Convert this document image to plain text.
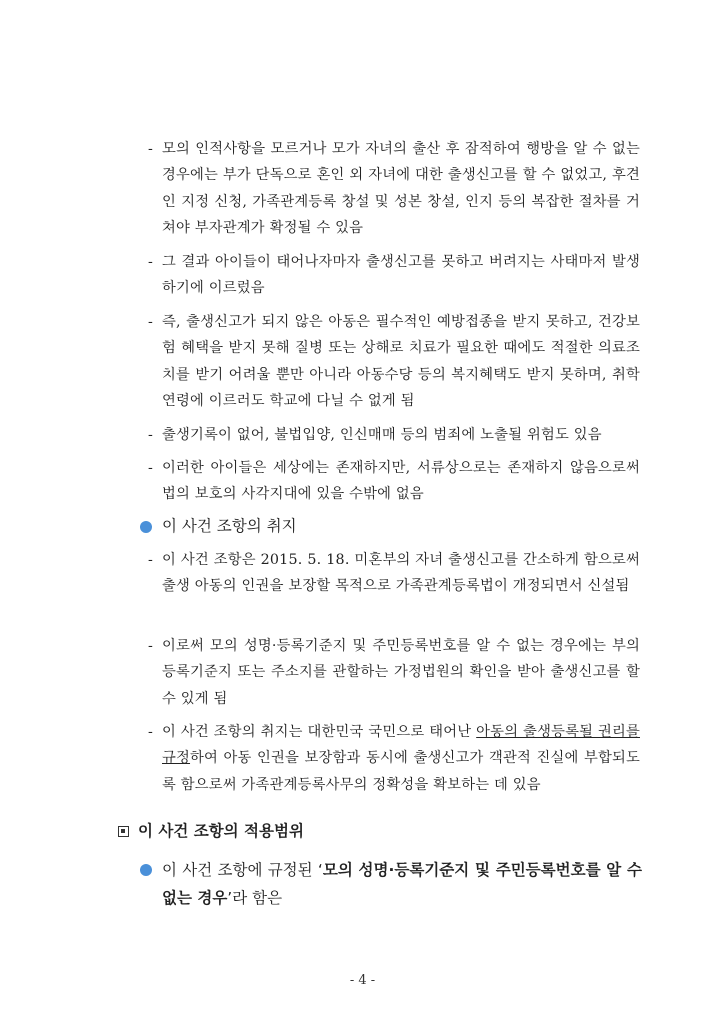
- 모의 인적사항을 모르거나 모가 자녀의 출산 후 잠적하여 행방을 알 수 없는 경우에는 부가 단독으로 혼인 외 자녀에 대한 출생신고를 할 수 없었고, 후견인 지정 신청, 가족관계등록 창설 및 성본 창설, 인지 등의 복잡한 절차를 거쳐야 부자관계가 확정될 수 있음
- 그 결과 아이들이 태어나자마자 출생신고를 못하고 버려지는 사태마저 발생하기에 이르렀음
- 즉, 출생신고가 되지 않은 아동은 필수적인 예방접종을 받지 못하고, 건강보험 혜택을 받지 못해 질병 또는 상해로 치료가 필요한 때에도 적절한 의료조치를 받기 어려울 뿐만 아니라 아동수당 등의 복지혜택도 받지 못하며, 취학연령에 이르러도 학교에 다닐 수 없게 됨
- 출생기록이 없어, 불법입양, 인신매매 등의 범죄에 노출될 위험도 있음
- 이러한 아이들은 세상에는 존재하지만, 서류상으로는 존재하지 않음으로써 법의 보호의 사각지대에 있을 수밖에 없음
이 사건 조항의 취지
- 이 사건 조항은 2015. 5. 18. 미혼부의 자녀 출생신고를 간소하게 함으로써 출생 아동의 인권을 보장할 목적으로 가족관계등록법이 개정되면서 신설됨
- 이로써 모의 성명·등록기준지 및 주민등록번호를 알 수 없는 경우에는 부의 등록기준지 또는 주소지를 관할하는 가정법원의 확인을 받아 출생신고를 할 수 있게 됨
- 이 사건 조항의 취지는 대한민국 국민으로 태어난 아동의 출생등록될 권리를 규정하여 아동 인권을 보장함과 동시에 출생신고가 객관적 진실에 부합되도록 함으로써 가족관계등록사무의 정확성을 확보하는 데 있음
이 사건 조항의 적용범위
이 사건 조항에 규정된 ‘모의 성명·등록기준지 및 주민등록번호를 알 수 없는 경우’라 함은
- 4 -
